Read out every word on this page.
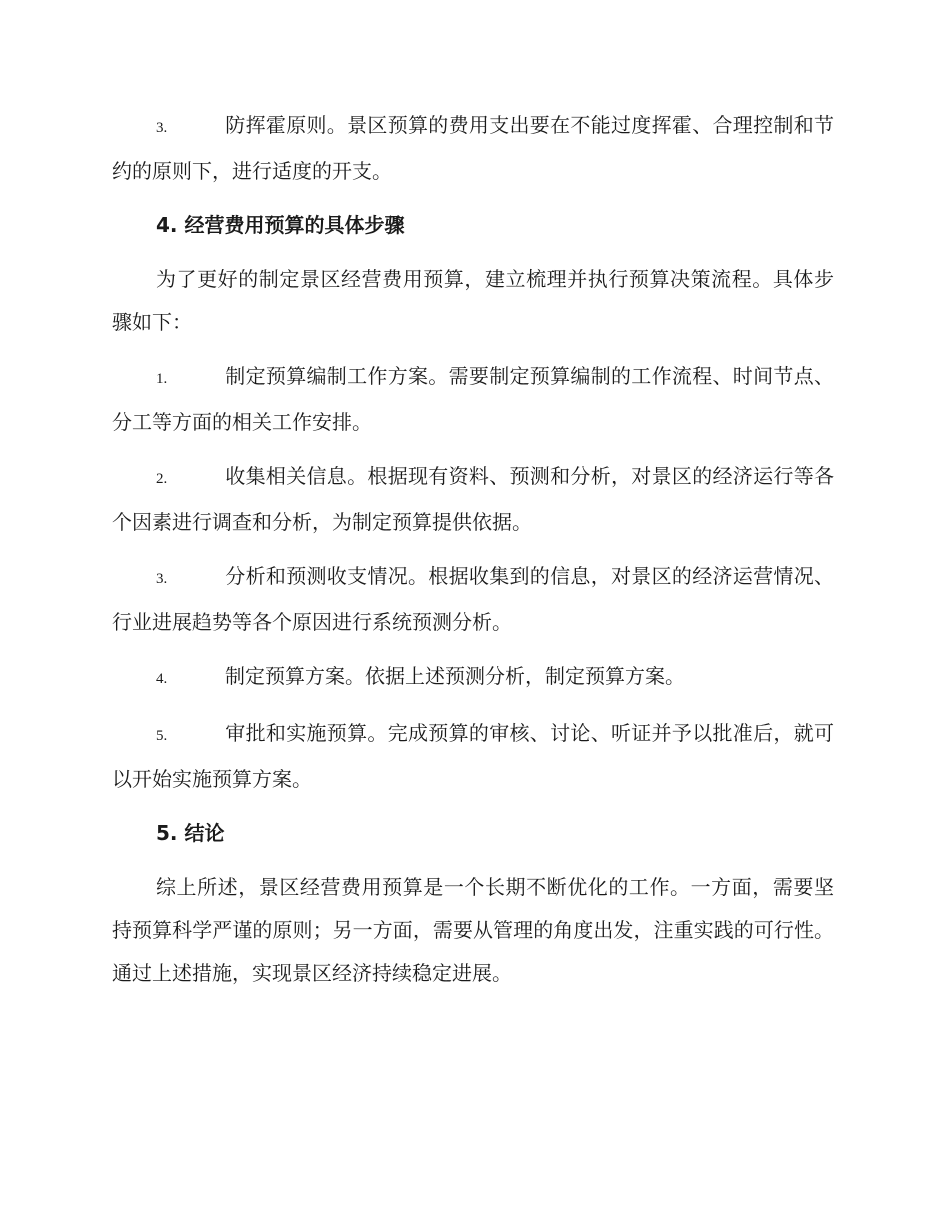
3.	防挥霍原则。景区预算的费用支出要在不能过度挥霍、合理控制和节约的原则下，进行适度的开支。

4. 经营费用预算的具体步骤

为了更好的制定景区经营费用预算，建立梳理并执行预算决策流程。具体步骤如下：

1.	制定预算编制工作方案。需要制定预算编制的工作流程、时间节点、分工等方面的相关工作安排。

2.	收集相关信息。根据现有资料、预测和分析，对景区的经济运行等各个因素进行调查和分析，为制定预算提供依据。

3.	分析和预测收支情况。根据收集到的信息，对景区的经济运营情况、行业进展趋势等各个原因进行系统预测分析。

4.	制定预算方案。依据上述预测分析，制定预算方案。

5.	审批和实施预算。完成预算的审核、讨论、听证并予以批准后，就可以开始实施预算方案。

5. 结论

综上所述，景区经营费用预算是一个长期不断优化的工作。一方面，需要坚持预算科学严谨的原则；另一方面，需要从管理的角度出发，注重实践的可行性。通过上述措施，实现景区经济持续稳定进展。
